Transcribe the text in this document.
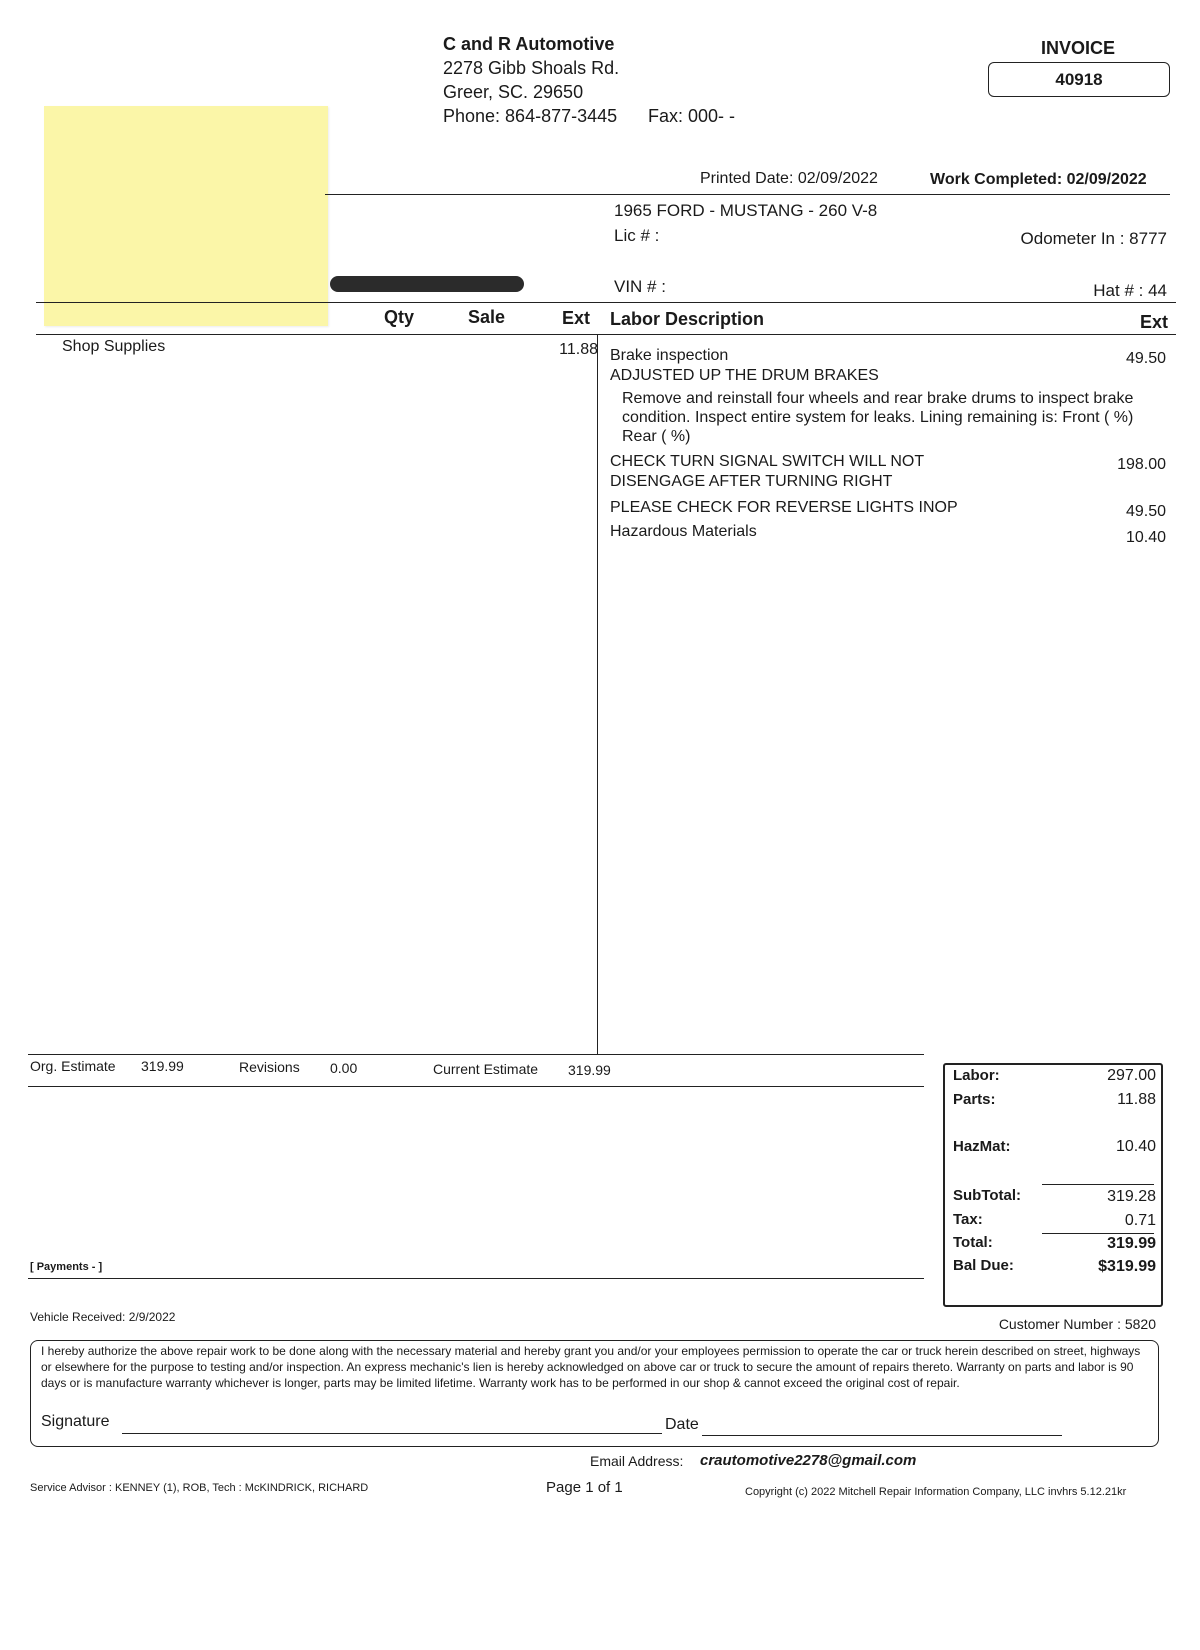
C and R Automotive
2278 Gibb Shoals Rd.
Greer, SC. 29650
Phone: 864-877-3445 Fax: 000- -
INVOICE
40918
Printed Date: 02/09/2022	Work Completed: 02/09/2022
1965 FORD - MUSTANG - 260 V-8
Lic # :	Odometer In : 8777
VIN # :	Hat # : 44
Qty	Sale	Ext Labor Description	Ext
Shop Supplies	11.88 Brake inspection	49.50
ADJUSTED UP THE DRUM BRAKES
Remove and reinstall four wheels and rear brake drums to inspect brake condition. Inspect entire system for leaks. Lining remaining is: Front ( %) Rear ( %)
CHECK TURN SIGNAL SWITCH WILL NOT
DISENGAGE AFTER TURNING RIGHT
198.00
PLEASE CHECK FOR REVERSE LIGHTS INOP	49.50
Hazardous Materials	10.40
Org. Estimate 319.99	Revisions 0.00	Current Estimate 319.99
[ Payments - ]
Labor:	297.00
Parts:	11.88
HazMat:	10.40
SubTotal:	319.28
Tax:	0.71
Total:	319.99
Bal Due:	$319.99
Vehicle Received: 2/9/2022	Customer Number : 5820
I hereby authorize the above repair work to be done along with the necessary material and hereby grant you and/or your employees permission to operate the car or truck herein described on street, highways or elsewhere for the purpose to testing and/or inspection. An express mechanic's lien is hereby acknowledged on above car or truck to secure the amount of repairs thereto. Warranty on parts and labor is 90 days or is manufacture warranty whichever is longer, parts may be limited lifetime. Warranty work has to be performed in our shop & cannot exceed the original cost of repair.
Signature	Date
Email Address: crautomotive2278@gmail.com
Service Advisor : KENNEY (1), ROB, Tech : McKINDRICK, RICHARD	Page 1 of 1	Copyright (c) 2022 Mitchell Repair Information Company, LLC invhrs 5.12.21kr
